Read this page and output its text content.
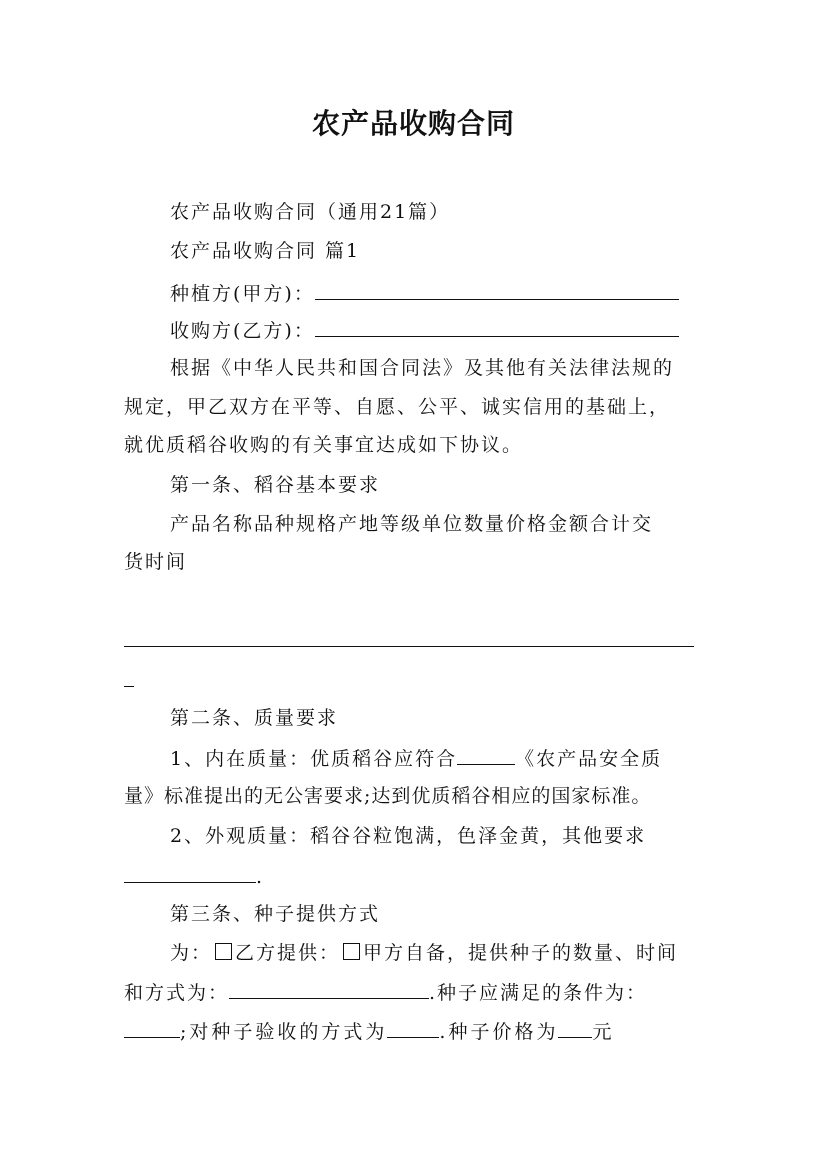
农产品收购合同
农产品收购合同（通用21篇）
农产品收购合同 篇1
种植方(甲方)：
收购方(乙方)：
根据《中华人民共和国合同法》及其他有关法律法规的
规定，甲乙双方在平等、自愿、公平、诚实信用的基础上，
就优质稻谷收购的有关事宜达成如下协议。
第一条、稻谷基本要求
产品名称品种规格产地等级单位数量价格金额合计交
货时间
第二条、质量要求
1、内在质量：优质稻谷应符合	《农产品安全质
量》标准提出的无公害要求;达到优质稻谷相应的国家标准。
2、外观质量：稻谷谷粒饱满，色泽金黄，其他要求
.
第三条、种子提供方式
为： 乙方提供： 甲方自备，提供种子的数量、时间
和方式为：	.种子应满足的条件为：
;对种子验收的方式为	.种子价格为 元
